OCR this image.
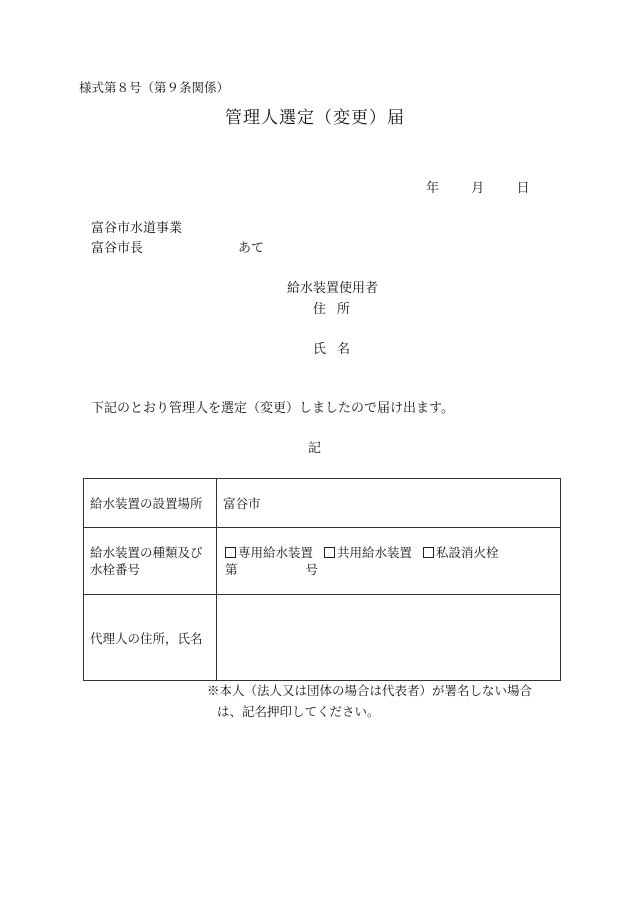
様式第８号（第９条関係）
管理人選定（変更）届
年 月 日
富谷市水道事業
富谷市長	あて
給水装置使用者
住所
氏名
下記のとおり管理人を選定（変更）しましたので届け出ます。
記
給水装置の設置場所	富谷市
給水装置の種類及び
水栓番号	専用給水装置 共用給水装置 私設消火栓
第 号
代理人の住所，氏名	
※本人（法人又は団体の場合は代表者）が署名しない場合
は、記名押印してください。
